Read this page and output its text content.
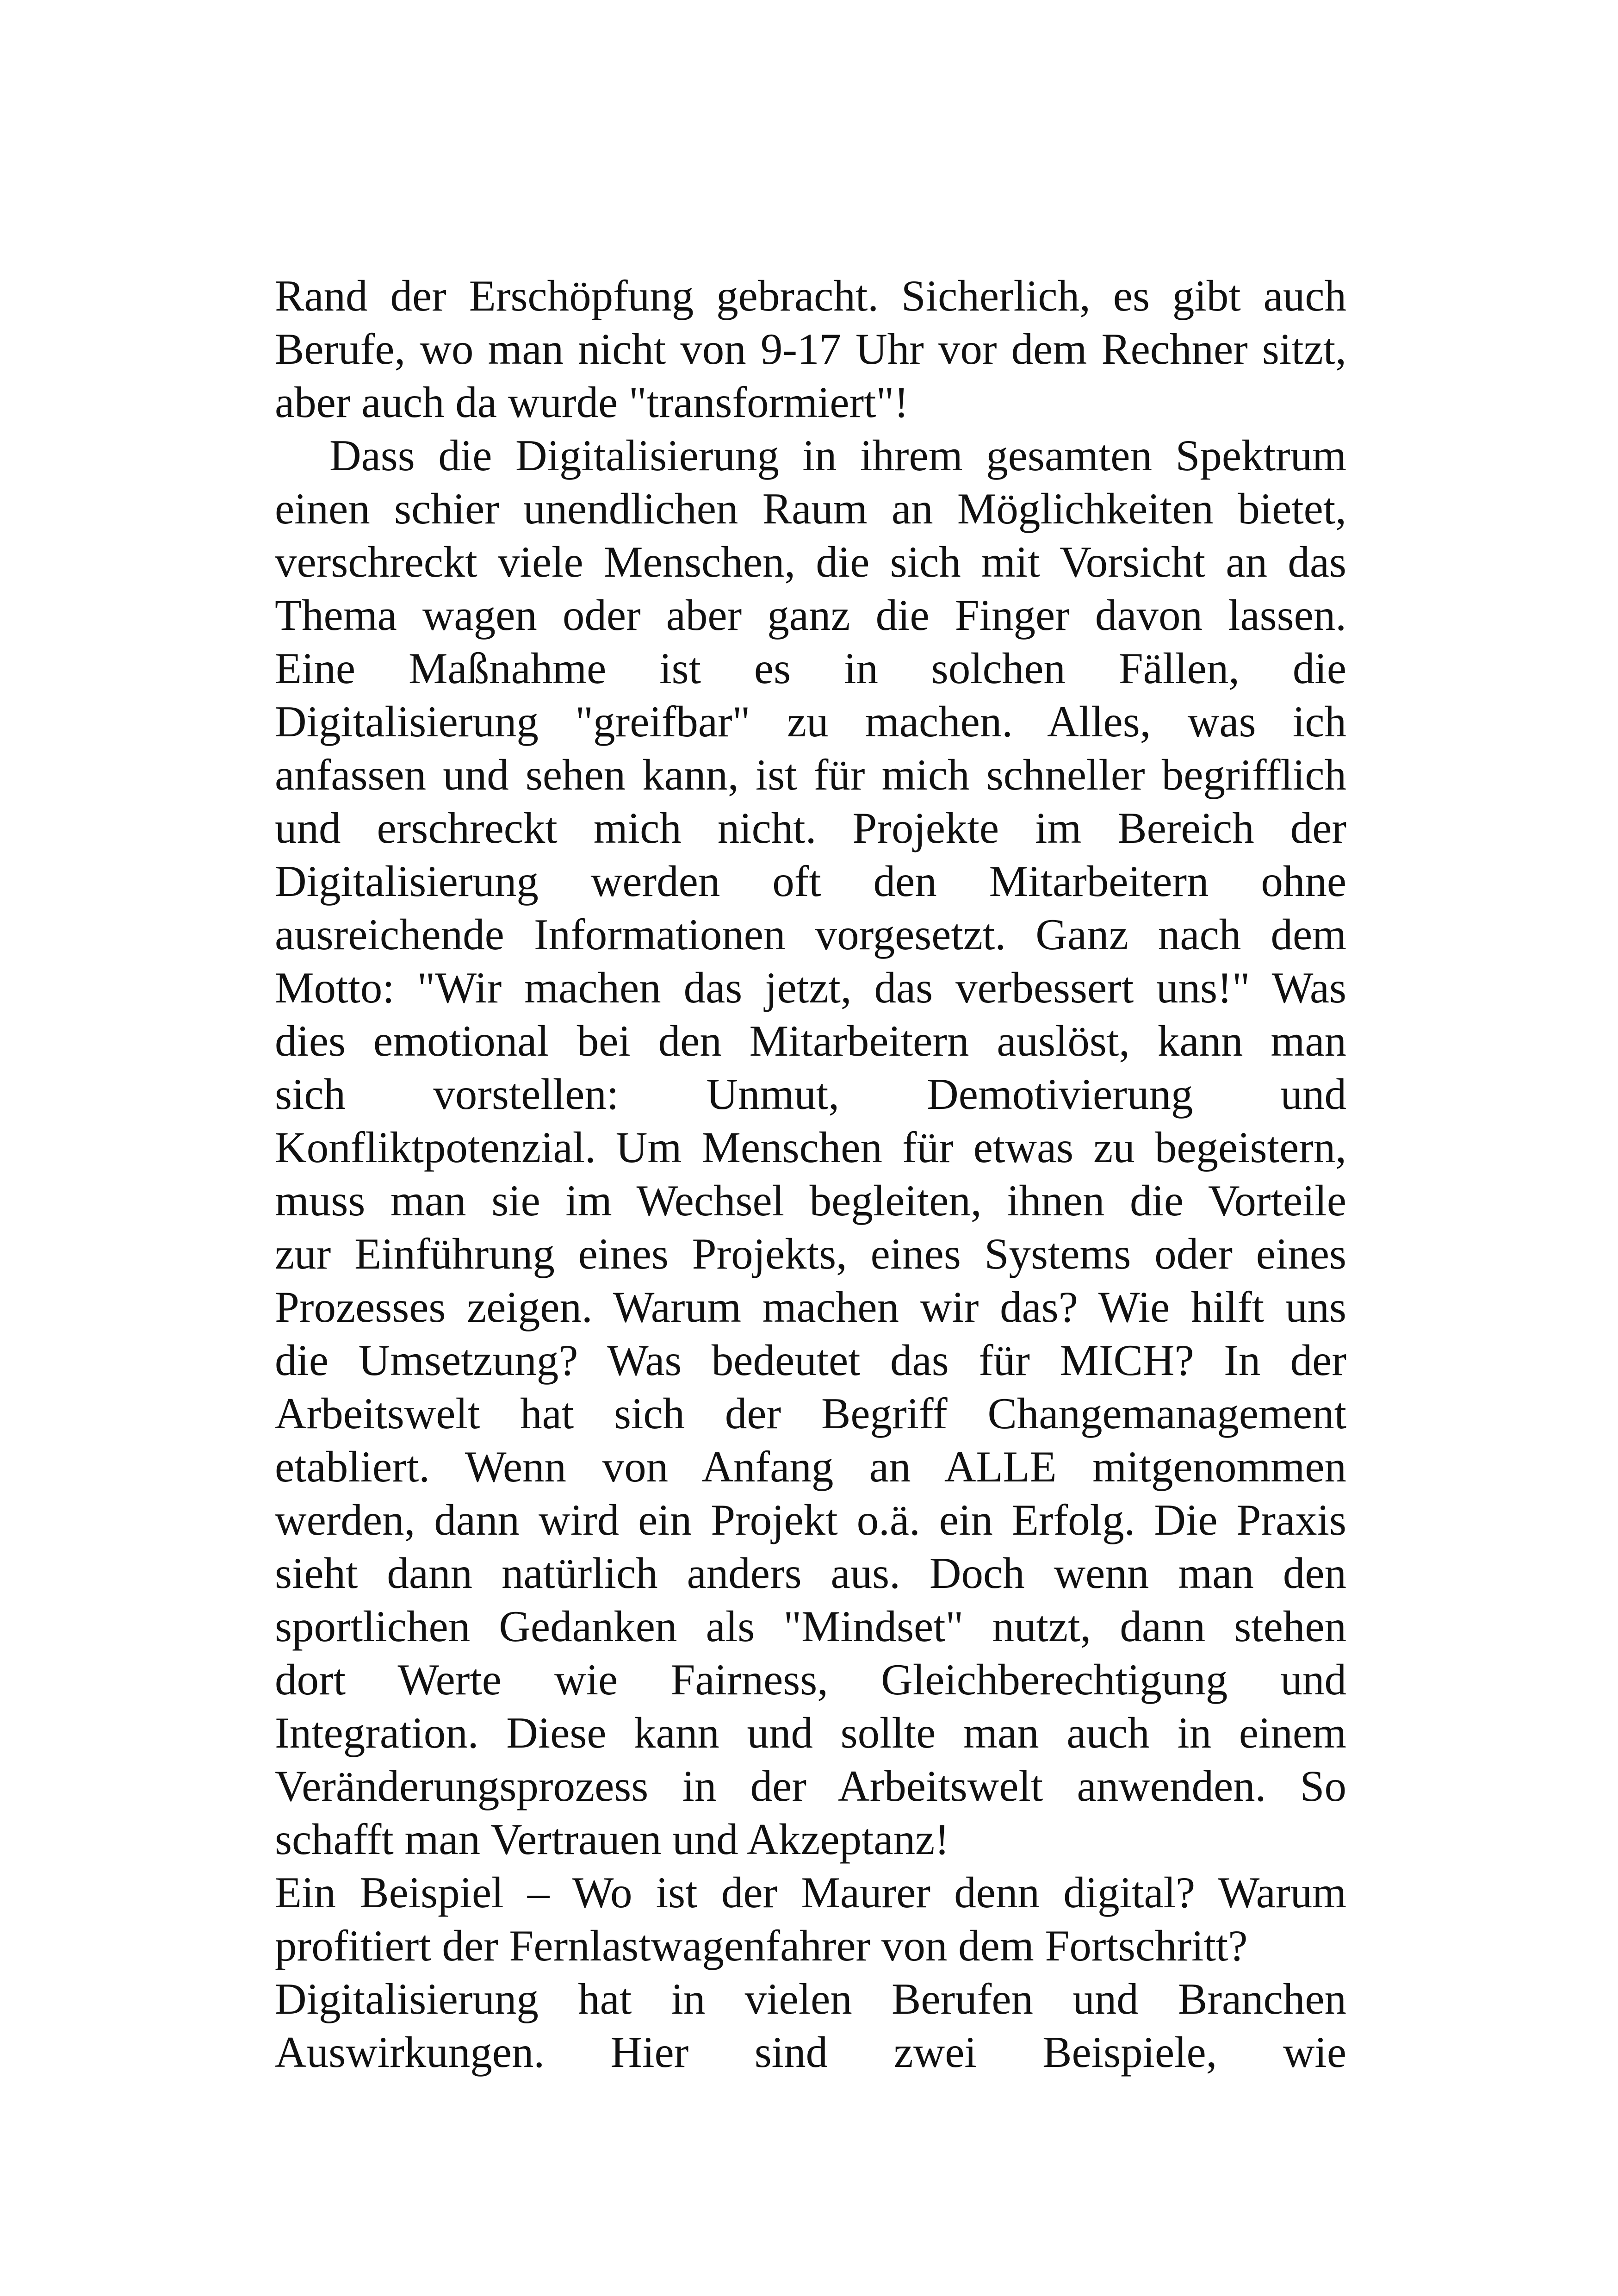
Rand der Erschöpfung gebracht. Sicherlich, es gibt auch
Berufe, wo man nicht von 9-17 Uhr vor dem Rechner sitzt,
aber auch da wurde "transformiert"!
Dass die Digitalisierung in ihrem gesamten Spektrum
einen schier unendlichen Raum an Möglichkeiten bietet,
verschreckt viele Menschen, die sich mit Vorsicht an das
Thema wagen oder aber ganz die Finger davon lassen.
Eine Maßnahme ist es in solchen Fällen, die
Digitalisierung "greifbar" zu machen. Alles, was ich
anfassen und sehen kann, ist für mich schneller begrifflich
und erschreckt mich nicht. Projekte im Bereich der
Digitalisierung werden oft den Mitarbeitern ohne
ausreichende Informationen vorgesetzt. Ganz nach dem
Motto: "Wir machen das jetzt, das verbessert uns!" Was
dies emotional bei den Mitarbeitern auslöst, kann man
sich vorstellen: Unmut, Demotivierung und
Konfliktpotenzial. Um Menschen für etwas zu begeistern,
muss man sie im Wechsel begleiten, ihnen die Vorteile
zur Einführung eines Projekts, eines Systems oder eines
Prozesses zeigen. Warum machen wir das? Wie hilft uns
die Umsetzung? Was bedeutet das für MICH? In der
Arbeitswelt hat sich der Begriff Changemanagement
etabliert. Wenn von Anfang an ALLE mitgenommen
werden, dann wird ein Projekt o.ä. ein Erfolg. Die Praxis
sieht dann natürlich anders aus. Doch wenn man den
sportlichen Gedanken als "Mindset" nutzt, dann stehen
dort Werte wie Fairness, Gleichberechtigung und
Integration. Diese kann und sollte man auch in einem
Veränderungsprozess in der Arbeitswelt anwenden. So
schafft man Vertrauen und Akzeptanz!
Ein Beispiel – Wo ist der Maurer denn digital? Warum
profitiert der Fernlastwagenfahrer von dem Fortschritt?
Digitalisierung hat in vielen Berufen und Branchen
Auswirkungen. Hier sind zwei Beispiele, wie
